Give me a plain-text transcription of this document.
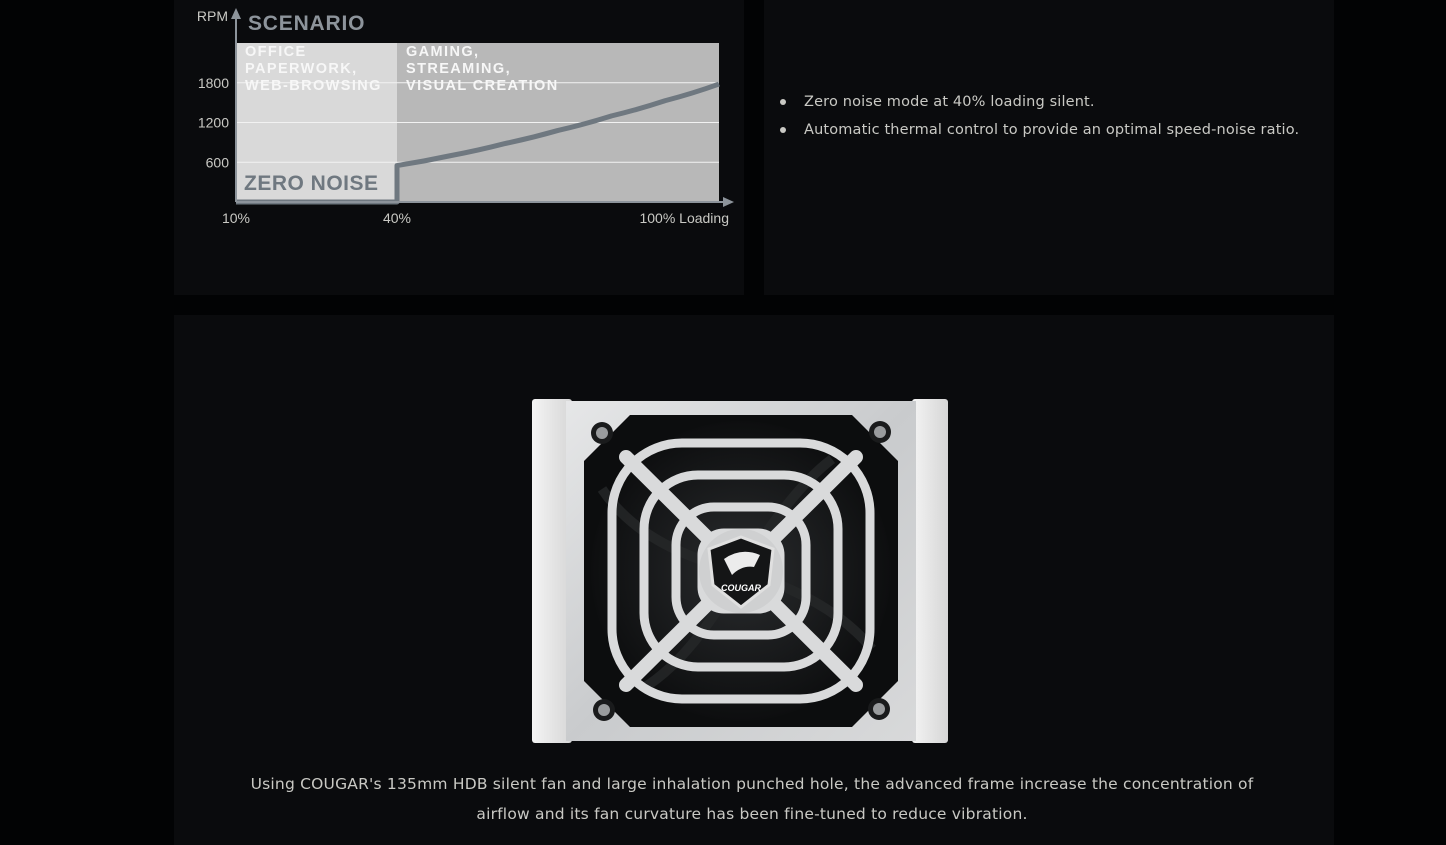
OFFICE
PAPERWORK,
WEB-BROWSING
GAMING,
STREAMING,
VISUAL CREATION
ZERO NOISE
RPM SCENARIO
1800
1200
600
10%	40%	100% Loading
Zero noise mode at 40% loading silent.
Automatic thermal control to provide an optimal speed-noise ratio.
COUGAR
Using COUGAR's 135mm HDB silent fan and large inhalation punched hole, the advanced frame increase the concentration of
airflow and its fan curvature has been fine-tuned to reduce vibration.
